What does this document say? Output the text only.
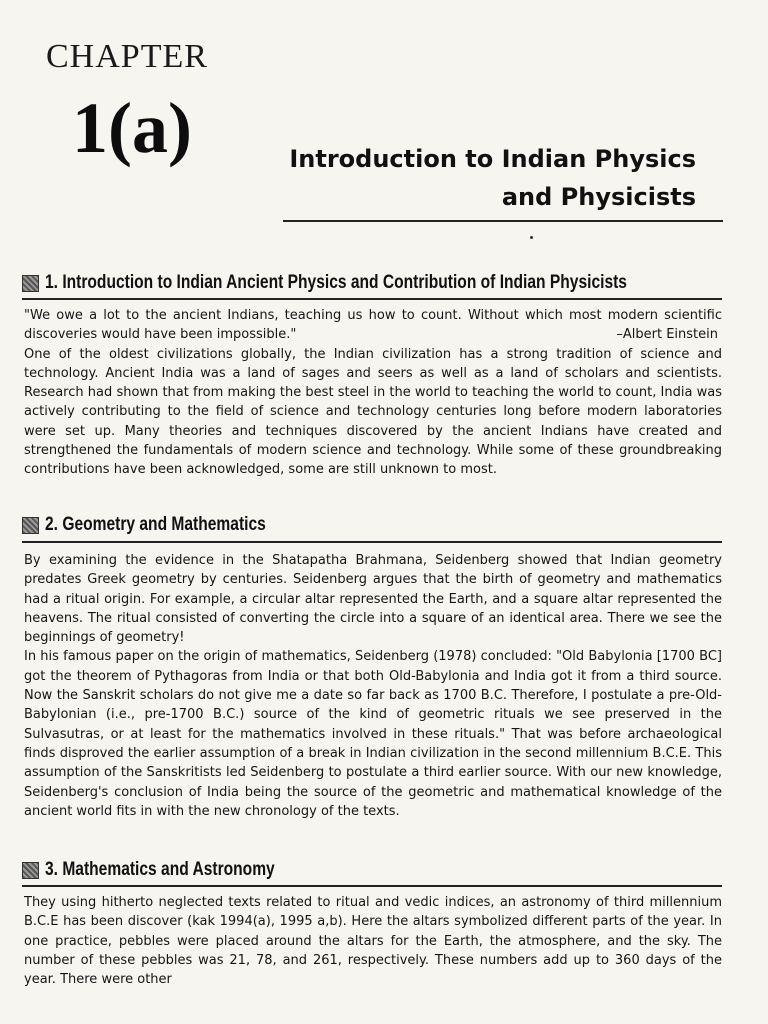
CHAPTER
1(a)	Introduction to Indian Physics
and Physicists
1. Introduction to Indian Ancient Physics and Contribution of Indian Physicists

"We owe a lot to the ancient Indians, teaching us how to count. Without which most modern scientific discoveries would have been impossible."	–Albert Einstein

One of the oldest civilizations globally, the Indian civilization has a strong tradition of science and technology. Ancient India was a land of sages and seers as well as a land of scholars and scientists. Research had shown that from making the best steel in the world to teaching the world to count, India was actively contributing to the field of science and technology centuries long before modern laboratories were set up. Many theories and techniques discovered by the ancient Indians have created and strengthened the fundamentals of modern science and technology. While some of these groundbreaking contributions have been acknowledged, some are still unknown to most.

2. Geometry and Mathematics

By examining the evidence in the Shatapatha Brahmana, Seidenberg showed that Indian geometry predates Greek geometry by centuries. Seidenberg argues that the birth of geometry and mathematics had a ritual origin. For example, a circular altar represented the Earth, and a square altar represented the heavens. The ritual consisted of converting the circle into a square of an identical area. There we see the beginnings of geometry!

In his famous paper on the origin of mathematics, Seidenberg (1978) concluded: "Old Babylonia [1700 BC] got the theorem of Pythagoras from India or that both Old-Babylonia and India got it from a third source. Now the Sanskrit scholars do not give me a date so far back as 1700 B.C. Therefore, I postulate a pre-Old-Babylonian (i.e., pre-1700 B.C.) source of the kind of geometric rituals we see preserved in the Sulvasutras, or at least for the mathematics involved in these rituals." That was before archaeological finds disproved the earlier assumption of a break in Indian civilization in the second millennium B.C.E. This assumption of the Sanskritists led Seidenberg to postulate a third earlier source. With our new knowledge, Seidenberg's conclusion of India being the source of the geometric and mathematical knowledge of the ancient world fits in with the new chronology of the texts.

3. Mathematics and Astronomy

They using hitherto neglected texts related to ritual and vedic indices, an astronomy of third millennium B.C.E has been discover (kak 1994(a), 1995 a,b). Here the altars symbolized different parts of the year. In one practice, pebbles were placed around the altars for the Earth, the atmosphere, and the sky. The number of these pebbles was 21, 78, and 261, respectively. These numbers add up to 360 days of the year. There were other
